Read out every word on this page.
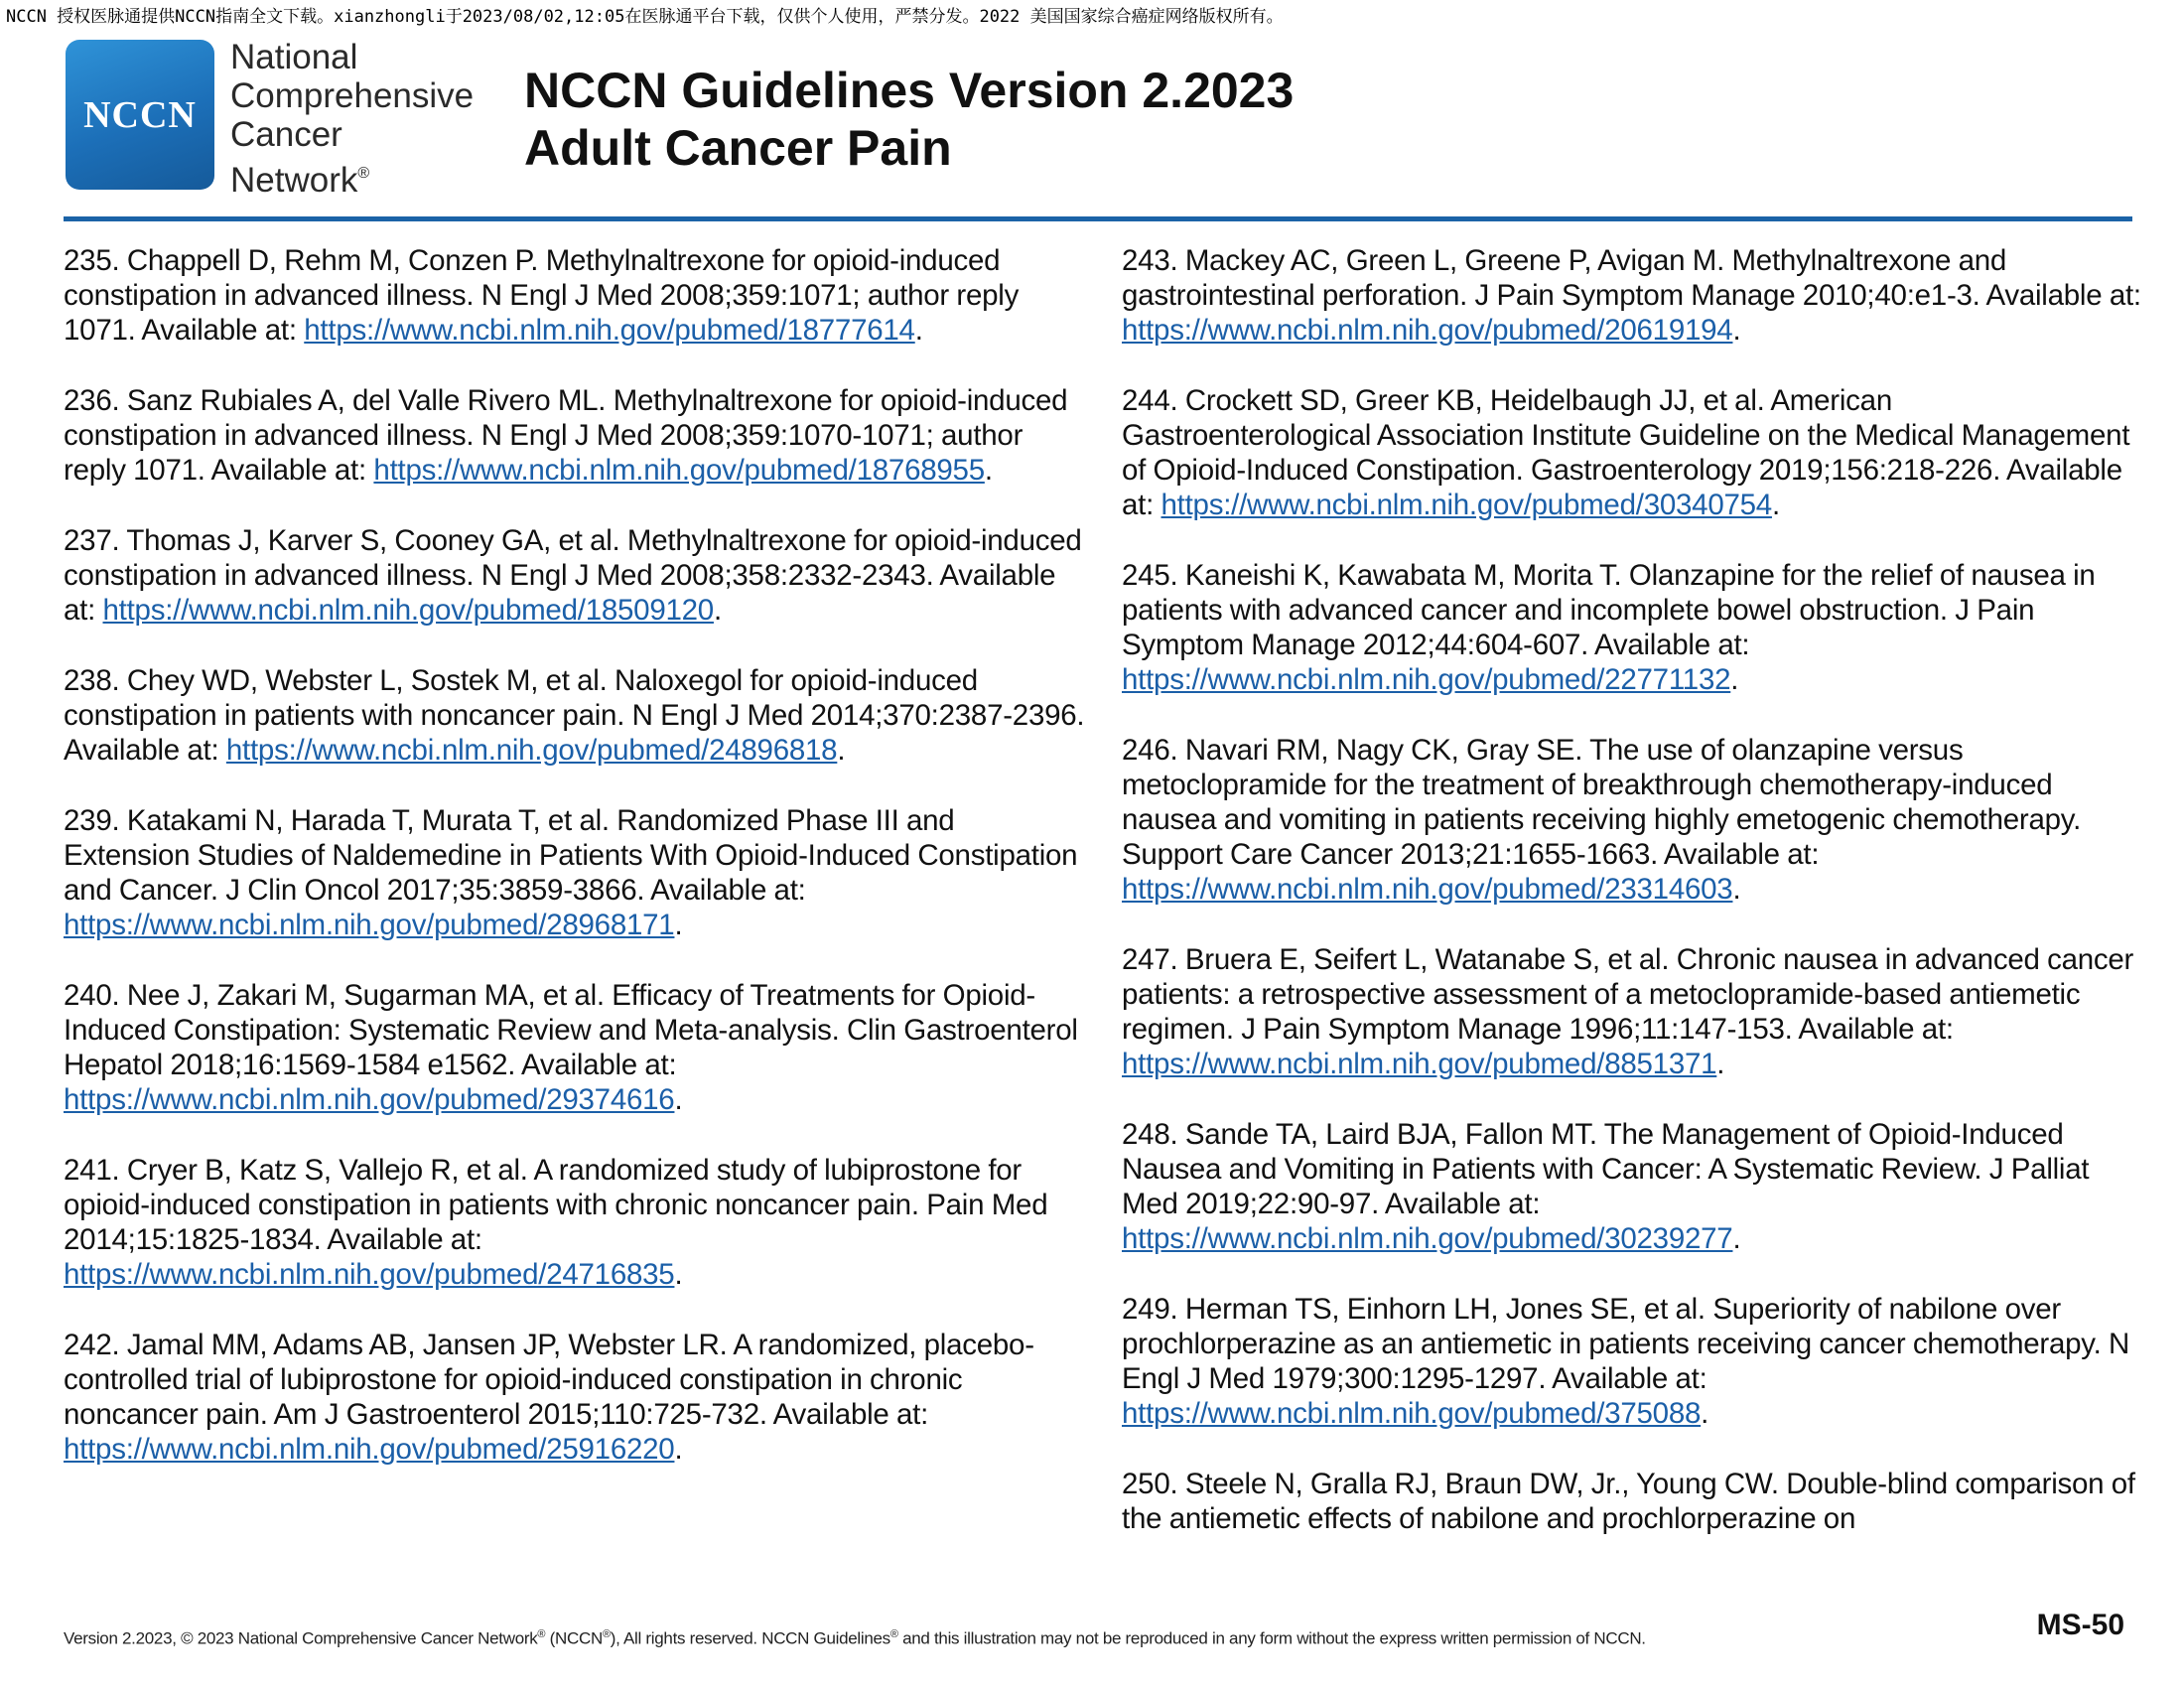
NCCN 授权医脉通提供NCCN指南全文下载。xianzhongli于2023/08/02,12:05在医脉通平台下载，仅供个人使用，严禁分发。2022 美国国家综合癌症网络版权所有。
NCCN
National
Comprehensive
Cancer
Network®
NCCN Guidelines Version 2.2023
Adult Cancer Pain
235. Chappell D, Rehm M, Conzen P. Methylnaltrexone for opioid-induced constipation in advanced illness. N Engl J Med 2008;359:1071; author reply 1071. Available at: https://www.ncbi.nlm.nih.gov/pubmed/18777614.
236. Sanz Rubiales A, del Valle Rivero ML. Methylnaltrexone for opioid-induced constipation in advanced illness. N Engl J Med 2008;359:1070-1071; author reply 1071. Available at: https://www.ncbi.nlm.nih.gov/pubmed/18768955.
237. Thomas J, Karver S, Cooney GA, et al. Methylnaltrexone for opioid-induced constipation in advanced illness. N Engl J Med 2008;358:2332-2343. Available at: https://www.ncbi.nlm.nih.gov/pubmed/18509120.
238. Chey WD, Webster L, Sostek M, et al. Naloxegol for opioid-induced constipation in patients with noncancer pain. N Engl J Med 2014;370:2387-2396. Available at: https://www.ncbi.nlm.nih.gov/pubmed/24896818.
239. Katakami N, Harada T, Murata T, et al. Randomized Phase III and Extension Studies of Naldemedine in Patients With Opioid-Induced Constipation and Cancer. J Clin Oncol 2017;35:3859-3866. Available at: https://www.ncbi.nlm.nih.gov/pubmed/28968171.
240. Nee J, Zakari M, Sugarman MA, et al. Efficacy of Treatments for Opioid-Induced Constipation: Systematic Review and Meta-analysis. Clin Gastroenterol Hepatol 2018;16:1569-1584 e1562. Available at: https://www.ncbi.nlm.nih.gov/pubmed/29374616.
241. Cryer B, Katz S, Vallejo R, et al. A randomized study of lubiprostone for opioid-induced constipation in patients with chronic noncancer pain. Pain Med 2014;15:1825-1834. Available at: https://www.ncbi.nlm.nih.gov/pubmed/24716835.
242. Jamal MM, Adams AB, Jansen JP, Webster LR. A randomized, placebo-controlled trial of lubiprostone for opioid-induced constipation in chronic noncancer pain. Am J Gastroenterol 2015;110:725-732. Available at: https://www.ncbi.nlm.nih.gov/pubmed/25916220.
243. Mackey AC, Green L, Greene P, Avigan M. Methylnaltrexone and gastrointestinal perforation. J Pain Symptom Manage 2010;40:e1-3. Available at: https://www.ncbi.nlm.nih.gov/pubmed/20619194.
244. Crockett SD, Greer KB, Heidelbaugh JJ, et al. American Gastroenterological Association Institute Guideline on the Medical Management of Opioid-Induced Constipation. Gastroenterology 2019;156:218-226. Available at: https://www.ncbi.nlm.nih.gov/pubmed/30340754.
245. Kaneishi K, Kawabata M, Morita T. Olanzapine for the relief of nausea in patients with advanced cancer and incomplete bowel obstruction. J Pain Symptom Manage 2012;44:604-607. Available at: https://www.ncbi.nlm.nih.gov/pubmed/22771132.
246. Navari RM, Nagy CK, Gray SE. The use of olanzapine versus metoclopramide for the treatment of breakthrough chemotherapy-induced nausea and vomiting in patients receiving highly emetogenic chemotherapy. Support Care Cancer 2013;21:1655-1663. Available at: https://www.ncbi.nlm.nih.gov/pubmed/23314603.
247. Bruera E, Seifert L, Watanabe S, et al. Chronic nausea in advanced cancer patients: a retrospective assessment of a metoclopramide-based antiemetic regimen. J Pain Symptom Manage 1996;11:147-153. Available at: https://www.ncbi.nlm.nih.gov/pubmed/8851371.
248. Sande TA, Laird BJA, Fallon MT. The Management of Opioid-Induced Nausea and Vomiting in Patients with Cancer: A Systematic Review. J Palliat Med 2019;22:90-97. Available at: https://www.ncbi.nlm.nih.gov/pubmed/30239277.
249. Herman TS, Einhorn LH, Jones SE, et al. Superiority of nabilone over prochlorperazine as an antiemetic in patients receiving cancer chemotherapy. N Engl J Med 1979;300:1295-1297. Available at: https://www.ncbi.nlm.nih.gov/pubmed/375088.
250. Steele N, Gralla RJ, Braun DW, Jr., Young CW. Double-blind comparison of the antiemetic effects of nabilone and prochlorperazine on
Version 2.2023, © 2023 National Comprehensive Cancer Network® (NCCN®), All rights reserved. NCCN Guidelines® and this illustration may not be reproduced in any form without the express written permission of NCCN.	MS-50
